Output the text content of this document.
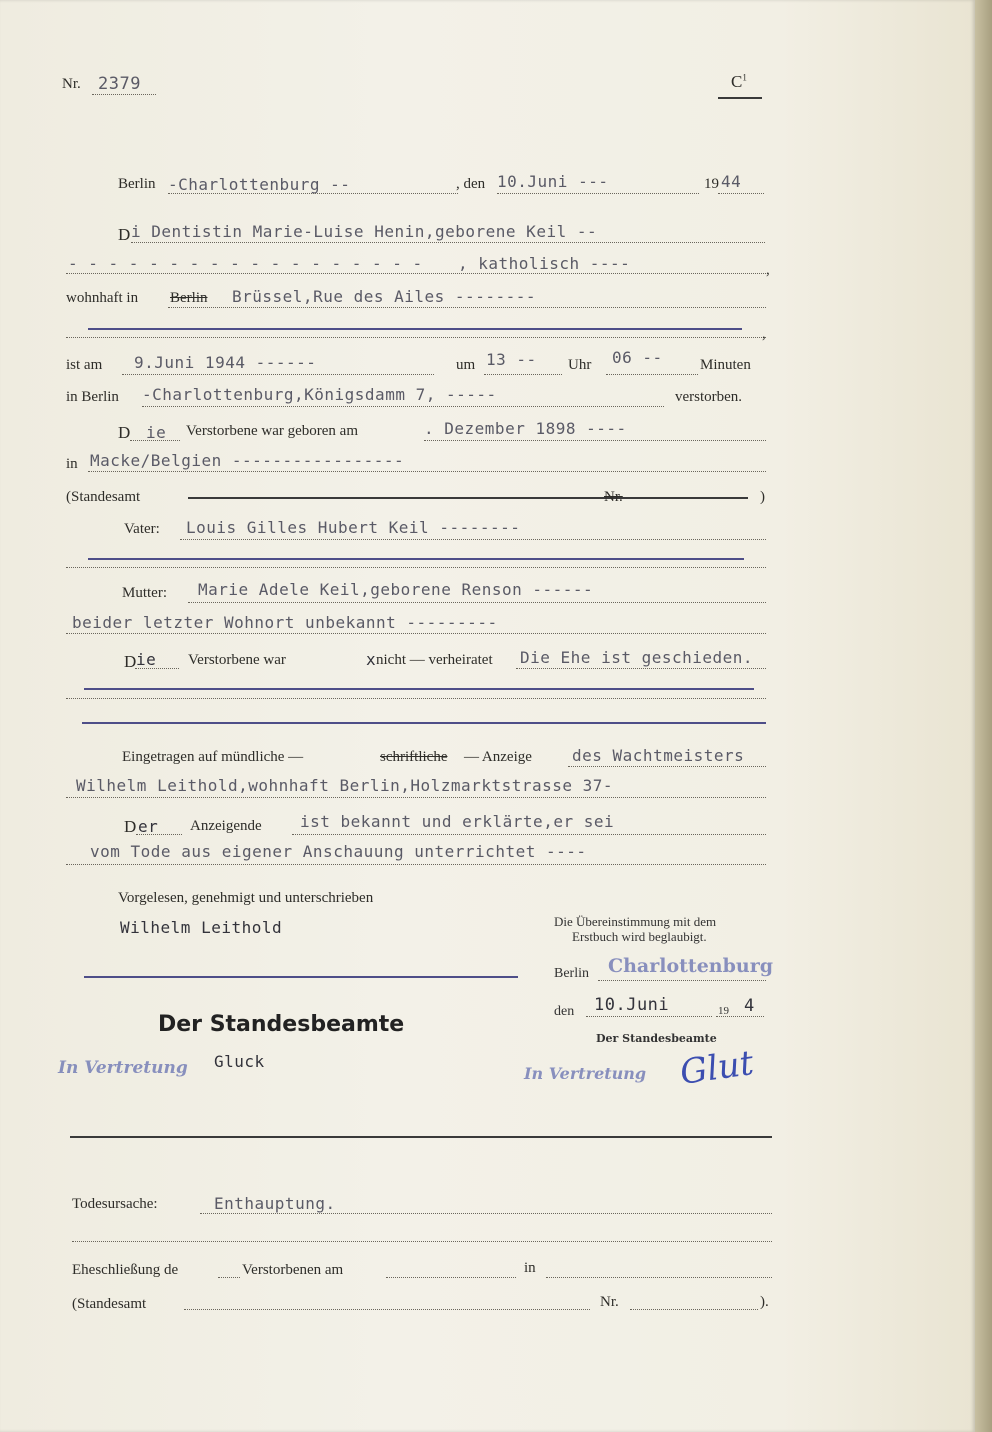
Nr. 2379	$C^1$
Berlin -Charlottenburg --	, den 10.Juni ---	19 44
D i Dentistin Marie-Luise Henin,geborene Keil --
- - - - - - - - - - - - - - - - - - , katholisch ----	,
wohnhaft in Berlin Brüssel,Rue des Ailes --------
,
ist am 9.Juni 1944 ------	um 13 -- Uhr 06 -- Minuten
in Berlin -Charlottenburg,Königsdamm 7, -----	verstorben.
D ie Verstorbene war geboren am	. Dezember 1898 ----
in Macke/Belgien -----------------
(Standesamt	Nr.	)
Vater: Louis Gilles Hubert Keil --------
Mutter: Marie Adele Keil,geborene Renson ------
beider letzter Wohnort unbekannt ---------
D ie Verstorbene war	x nicht — verheiratet Die Ehe ist geschieden.
Eingetragen auf mündliche —	schriftliche — Anzeige	des Wachtmeisters
Wilhelm Leithold,wohnhaft Berlin,Holzmarktstrasse 37-
D er Anzeigende ist bekannt und erklärte,er sei
vom Tode aus eigener Anschauung unterrichtet ----
Vorgelesen, genehmigt und unterschrieben
Wilhelm Leithold
Der Standesbeamte
In Vertretung Gluck
Die Übereinstimmung mit dem
Erstbuch wird beglaubigt.
Berlin Charlottenburg
den 10.Juni	19 4
Der Standesbeamte
In Vertretung Glut
Todesursache:	Enthauptung.
Eheschließung de	Verstorbenen am	in
(Standesamt	Nr.	).
